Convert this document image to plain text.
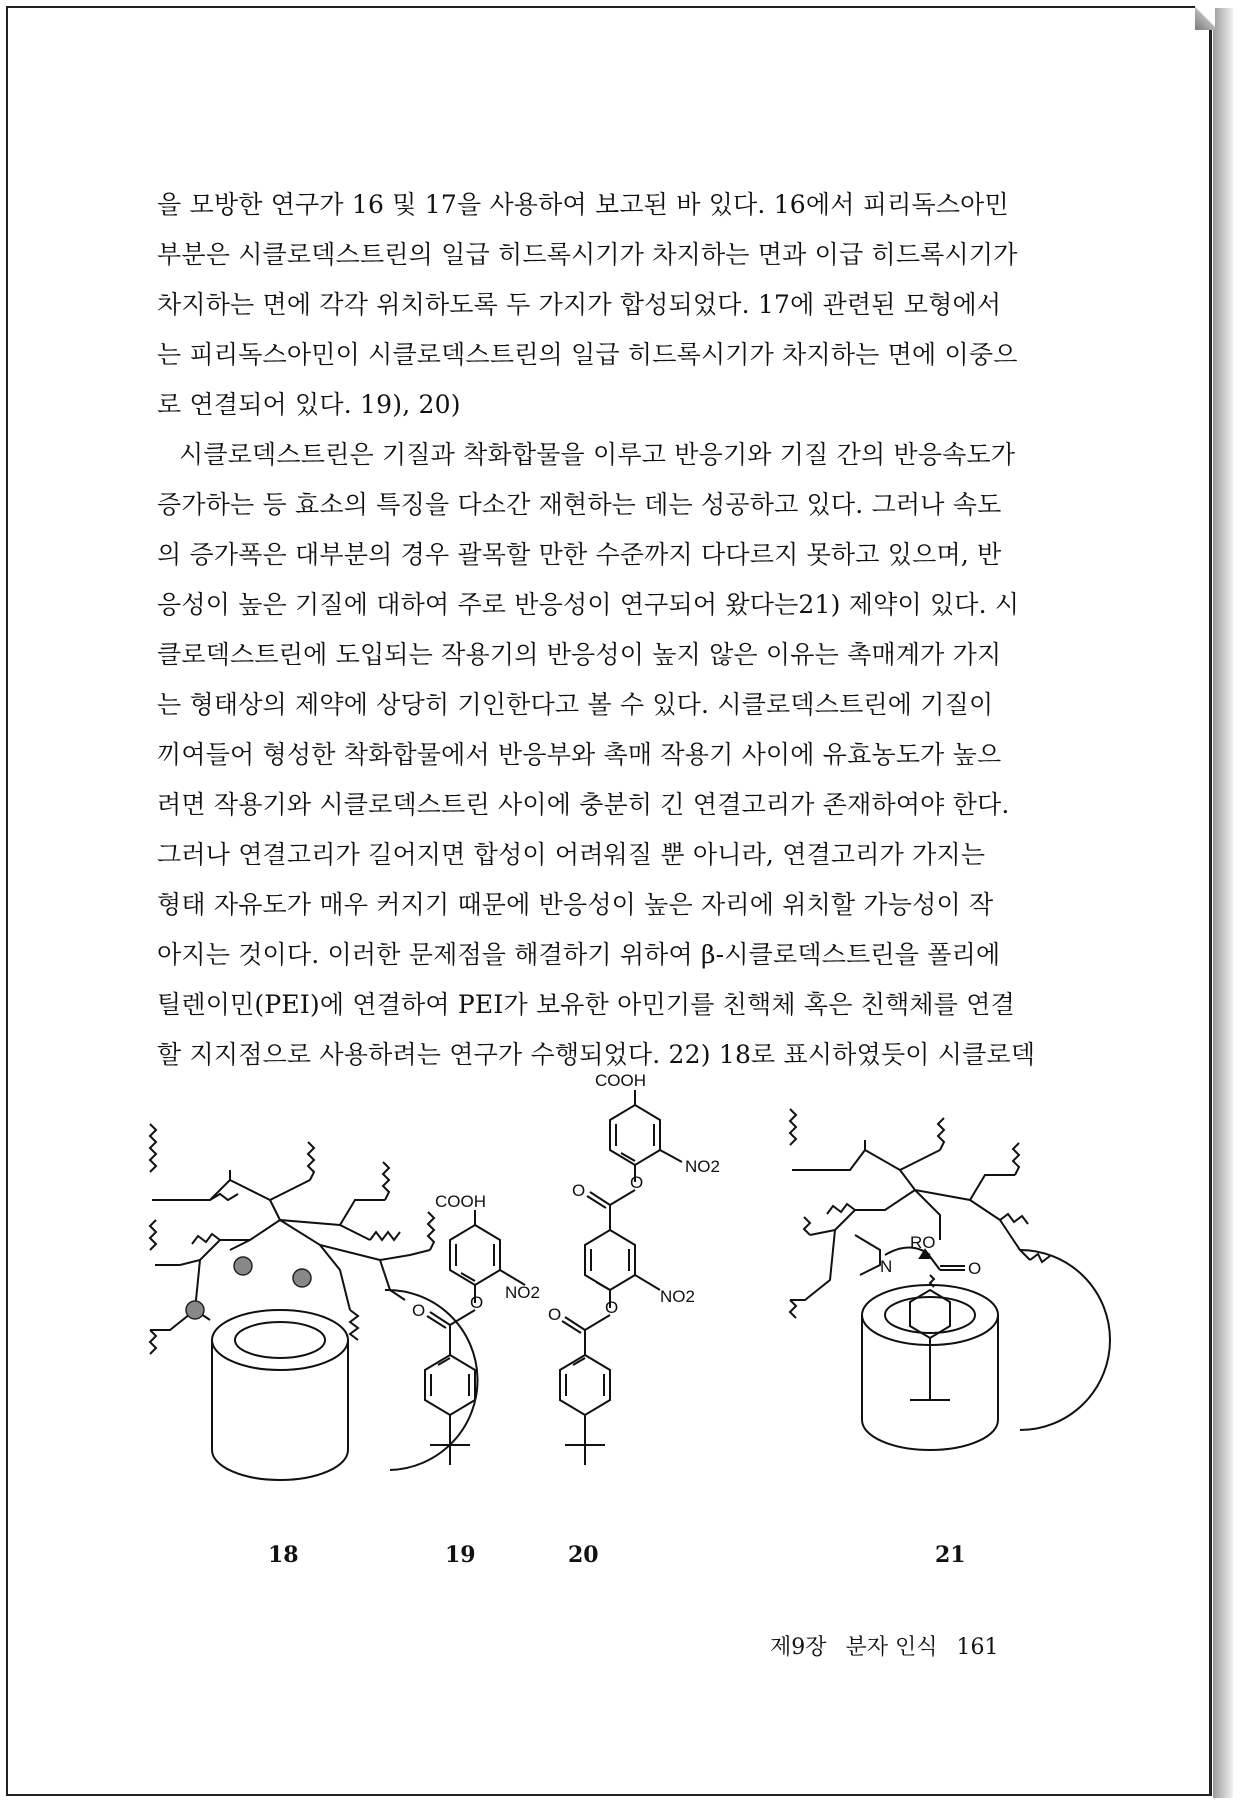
을 모방한 연구가 16 및 17을 사용하여 보고된 바 있다. 16에서 피리독스아민
부분은 시클로덱스트린의 일급 히드록시기가 차지하는 면과 이급 히드록시기가
차지하는 면에 각각 위치하도록 두 가지가 합성되었다. 17에 관련된 모형에서
는 피리독스아민이 시클로덱스트린의 일급 히드록시기가 차지하는 면에 이중으
로 연결되어 있다. 19), 20)
시클로덱스트린은 기질과 착화합물을 이루고 반응기와 기질 간의 반응속도가
증가하는 등 효소의 특징을 다소간 재현하는 데는 성공하고 있다. 그러나 속도
의 증가폭은 대부분의 경우 괄목할 만한 수준까지 다다르지 못하고 있으며, 반
응성이 높은 기질에 대하여 주로 반응성이 연구되어 왔다는21) 제약이 있다. 시
클로덱스트린에 도입되는 작용기의 반응성이 높지 않은 이유는 촉매계가 가지
는 형태상의 제약에 상당히 기인한다고 볼 수 있다. 시클로덱스트린에 기질이
끼여들어 형성한 착화합물에서 반응부와 촉매 작용기 사이에 유효농도가 높으
려면 작용기와 시클로덱스트린 사이에 충분히 긴 연결고리가 존재하여야 한다.
그러나 연결고리가 길어지면 합성이 어려워질 뿐 아니라, 연결고리가 가지는
형태 자유도가 매우 커지기 때문에 반응성이 높은 자리에 위치할 가능성이 작
아지는 것이다. 이러한 문제점을 해결하기 위하여 β-시클로덱스트린을 폴리에
틸렌이민(PEI)에 연결하여 PEI가 보유한 아민기를 친핵체 혹은 친핵체를 연결
할 지지점으로 사용하려는 연구가 수행되었다. 22) 18로 표시하였듯이 시클로덱
COOH
NO2
O
O
COOH
NO2
NO2
O
O
O
O
RO
N	O
18	19	20	21
제9장 분자 인식 161
